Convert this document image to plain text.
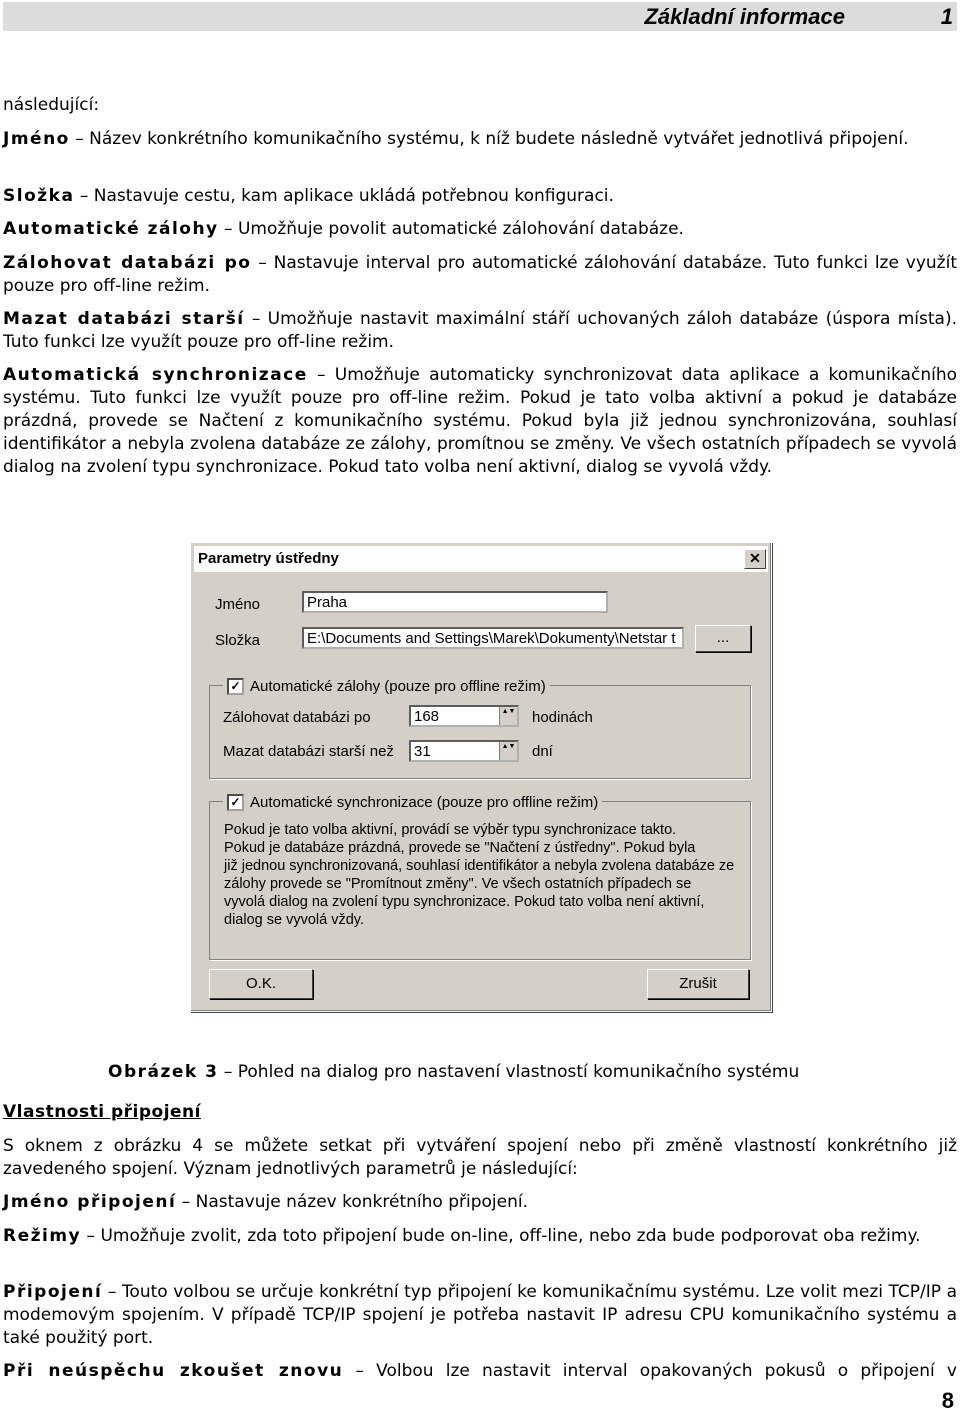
Základní informace	1

následující:

Jméno – Název konkrétního komunikačního systému, k níž budete následně vytvářet jednotlivá připojení.

Složka – Nastavuje cestu, kam aplikace ukládá potřebnou konfiguraci.

Automatické zálohy – Umožňuje povolit automatické zálohování databáze.

Zálohovat databázi po – Nastavuje interval pro automatické zálohování databáze. Tuto funkci lze využít pouze pro off-line režim.

Mazat databázi starší – Umožňuje nastavit maximální stáří uchovaných záloh databáze (úspora místa). Tuto funkci lze využít pouze pro off-line režim.

Automatická synchronizace – Umožňuje automaticky synchronizovat data aplikace a komunikačního systému. Tuto funkci lze využít pouze pro off-line režim. Pokud je tato volba aktivní a pokud je databáze prázdná, provede se Načtení z komunikačního systému. Pokud byla již jednou synchronizována, souhlasí identifikátor a nebyla zvolena databáze ze zálohy, promítnou se změny. Ve všech ostatních případech se vyvolá dialog na zvolení typu synchronizace. Pokud tato volba není aktivní, dialog se vyvolá vždy.

Parametry ústředny	✕
Jméno	Praha
Složka	E:\Documents and Settings\Marek\Dokumenty\Netstar t	...
✓ Automatické zálohy (pouze pro offline režim)
Zálohovat databázi po	168	▲▼ hodinách
Mazat databázi starší než	31	▲▼ dní
✓ Automatické synchronizace (pouze pro offline režim)
Pokud je tato volba aktivní, provádí se výběr typu synchronizace takto.
Pokud je databáze prázdná, provede se "Načtení z ústředny". Pokud byla
již jednou synchronizovaná, souhlasí identifikátor a nebyla zvolena databáze ze
zálohy provede se "Promítnout změny". Ve všech ostatních případech se
vyvolá dialog na zvolení typu synchronizace. Pokud tato volba není aktivní,
dialog se vyvolá vždy.
O.K.	Zrušit

Obrázek 3 – Pohled na dialog pro nastavení vlastností komunikačního systému

Vlastnosti připojení

S oknem z obrázku 4 se můžete setkat při vytváření spojení nebo při změně vlastností konkrétního již zavedeného spojení. Význam jednotlivých parametrů je následující:

Jméno připojení – Nastavuje název konkrétního připojení.

Režimy – Umožňuje zvolit, zda toto připojení bude on-line, off-line, nebo zda bude podporovat oba režimy.

Připojení – Touto volbou se určuje konkrétní typ připojení ke komunikačnímu systému. Lze volit mezi TCP/IP a modemovým spojením. V případě TCP/IP spojení je potřeba nastavit IP adresu CPU komunikačního systému a také použitý port.

Při neúspěchu zkoušet znovu – Volbou lze nastavit interval opakovaných pokusů o připojení v

8
